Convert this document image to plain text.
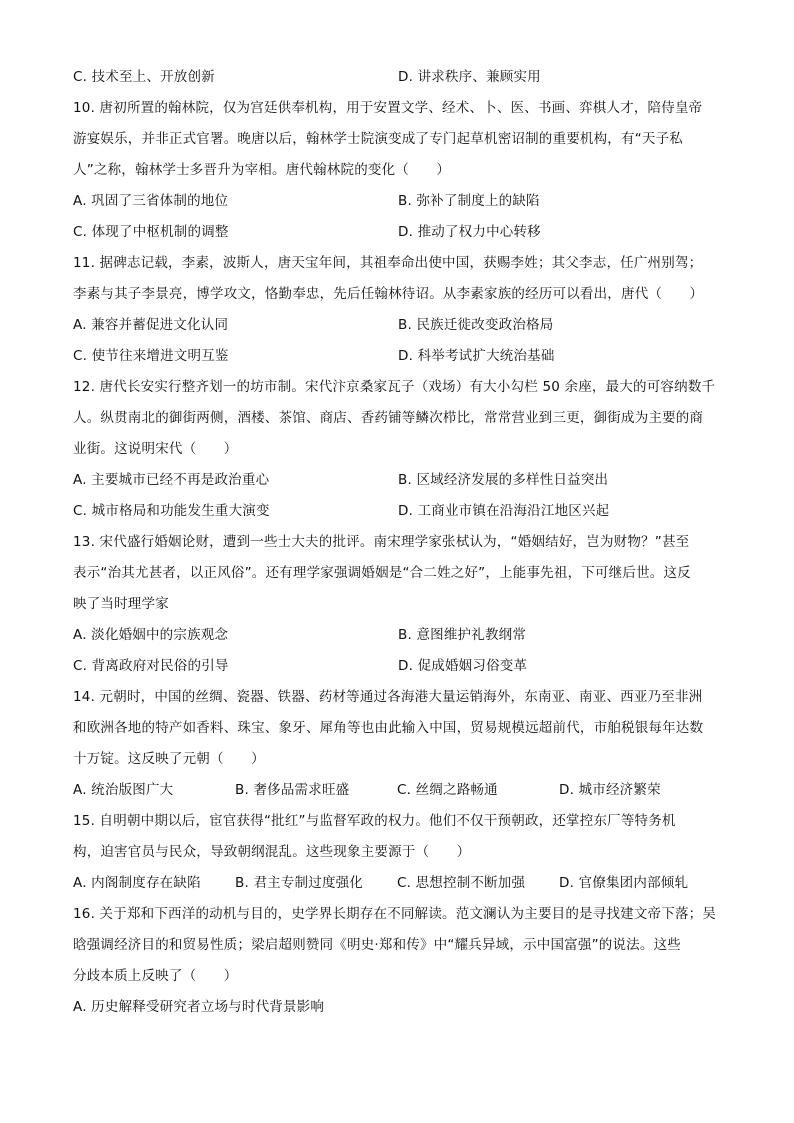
C. 技术至上、开放创新	D. 讲求秩序、兼顾实用
10. 唐初所置的翰林院，仅为宫廷供奉机构，用于安置文学、经术、卜、医、书画、弈棋人才，陪侍皇帝
游宴娱乐，并非正式官署。晚唐以后，翰林学士院演变成了专门起草机密诏制的重要机构，有“天子私
人”之称，翰林学士多晋升为宰相。唐代翰林院的变化（　　）
A. 巩固了三省体制的地位	B. 弥补了制度上的缺陷
C. 体现了中枢机制的调整	D. 推动了权力中心转移
11. 据碑志记载，李素，波斯人，唐天宝年间，其祖奉命出使中国，获赐李姓；其父李志，任广州别驾；
李素与其子李景亮，博学攻文，恪勤奉忠，先后任翰林待诏。从李素家族的经历可以看出，唐代（　　）
A. 兼容并蓄促进文化认同	B. 民族迁徙改变政治格局
C. 使节往来增进文明互鉴	D. 科举考试扩大统治基础
12. 唐代长安实行整齐划一的坊市制。宋代汴京桑家瓦子（戏场）有大小勾栏 50 余座，最大的可容纳数千
人。纵贯南北的御街两侧，酒楼、茶馆、商店、香药铺等鳞次栉比，常常营业到三更，御街成为主要的商
业街。这说明宋代（　　）
A. 主要城市已经不再是政治重心	B. 区域经济发展的多样性日益突出
C. 城市格局和功能发生重大演变	D. 工商业市镇在沿海沿江地区兴起
13. 宋代盛行婚姻论财，遭到一些士大夫的批评。南宋理学家张栻认为，“婚姻结好，岂为财物？”甚至
表示“治其尤甚者，以正风俗”。还有理学家强调婚姻是“合二姓之好”，上能事先祖，下可继后世。这反
映了当时理学家
A. 淡化婚姻中的宗族观念	B. 意图维护礼教纲常
C. 背离政府对民俗的引导	D. 促成婚姻习俗变革
14. 元朝时，中国的丝绸、瓷器、铁器、药材等通过各海港大量运销海外，东南亚、南亚、西亚乃至非洲
和欧洲各地的特产如香料、珠宝、象牙、犀角等也由此输入中国，贸易规模远超前代，市舶税银每年达数
十万锭。这反映了元朝（　　）
A. 统治版图广大	B. 奢侈品需求旺盛	C. 丝绸之路畅通	D. 城市经济繁荣
15. 自明朝中期以后，宦官获得“批红”与监督军政的权力。他们不仅干预朝政，还掌控东厂等特务机
构，迫害官员与民众，导致朝纲混乱。这些现象主要源于（　　）
A. 内阁制度存在缺陷	B. 君主专制过度强化	C. 思想控制不断加强	D. 官僚集团内部倾轧
16. 关于郑和下西洋的动机与目的，史学界长期存在不同解读。范文澜认为主要目的是寻找建文帝下落；吴
晗强调经济目的和贸易性质；梁启超则赞同《明史·郑和传》中“耀兵异域，示中国富强”的说法。这些
分歧本质上反映了（　　）
A. 历史解释受研究者立场与时代背景影响
